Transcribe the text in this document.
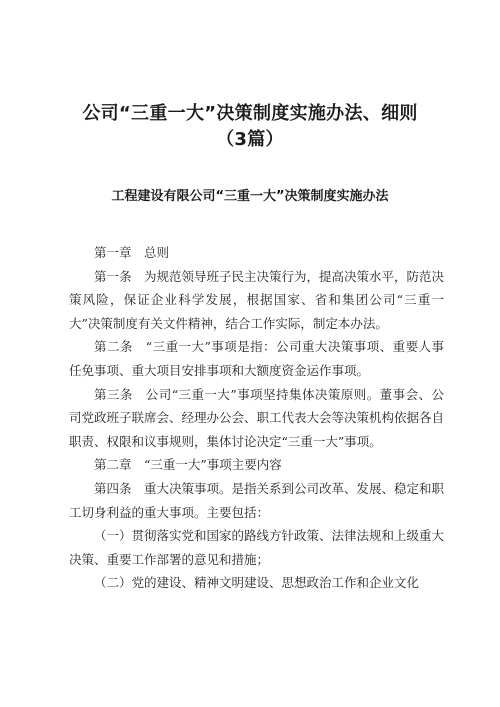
公司“三重一大”决策制度实施办法、细则
（3篇）
工程建设有限公司“三重一大”决策制度实施办法

第一章　总则

第一条　为规范领导班子民主决策行为，提高决策水平，防范决策风险，保证企业科学发展，根据国家、省和集团公司“三重一大”决策制度有关文件精神，结合工作实际，制定本办法。

第二条　“三重一大”事项是指：公司重大决策事项、重要人事任免事项、重大项目安排事项和大额度资金运作事项。

第三条　公司“三重一大”事项坚持集体决策原则。董事会、公司党政班子联席会、经理办公会、职工代表大会等决策机构依据各自职责、权限和议事规则，集体讨论决定“三重一大”事项。

第二章　“三重一大”事项主要内容

第四条　重大决策事项。是指关系到公司改革、发展、稳定和职工切身利益的重大事项。主要包括：

（一）贯彻落实党和国家的路线方针政策、法律法规和上级重大决策、重要工作部署的意见和措施；

（二）党的建设、精神文明建设、思想政治工作和企业文化
